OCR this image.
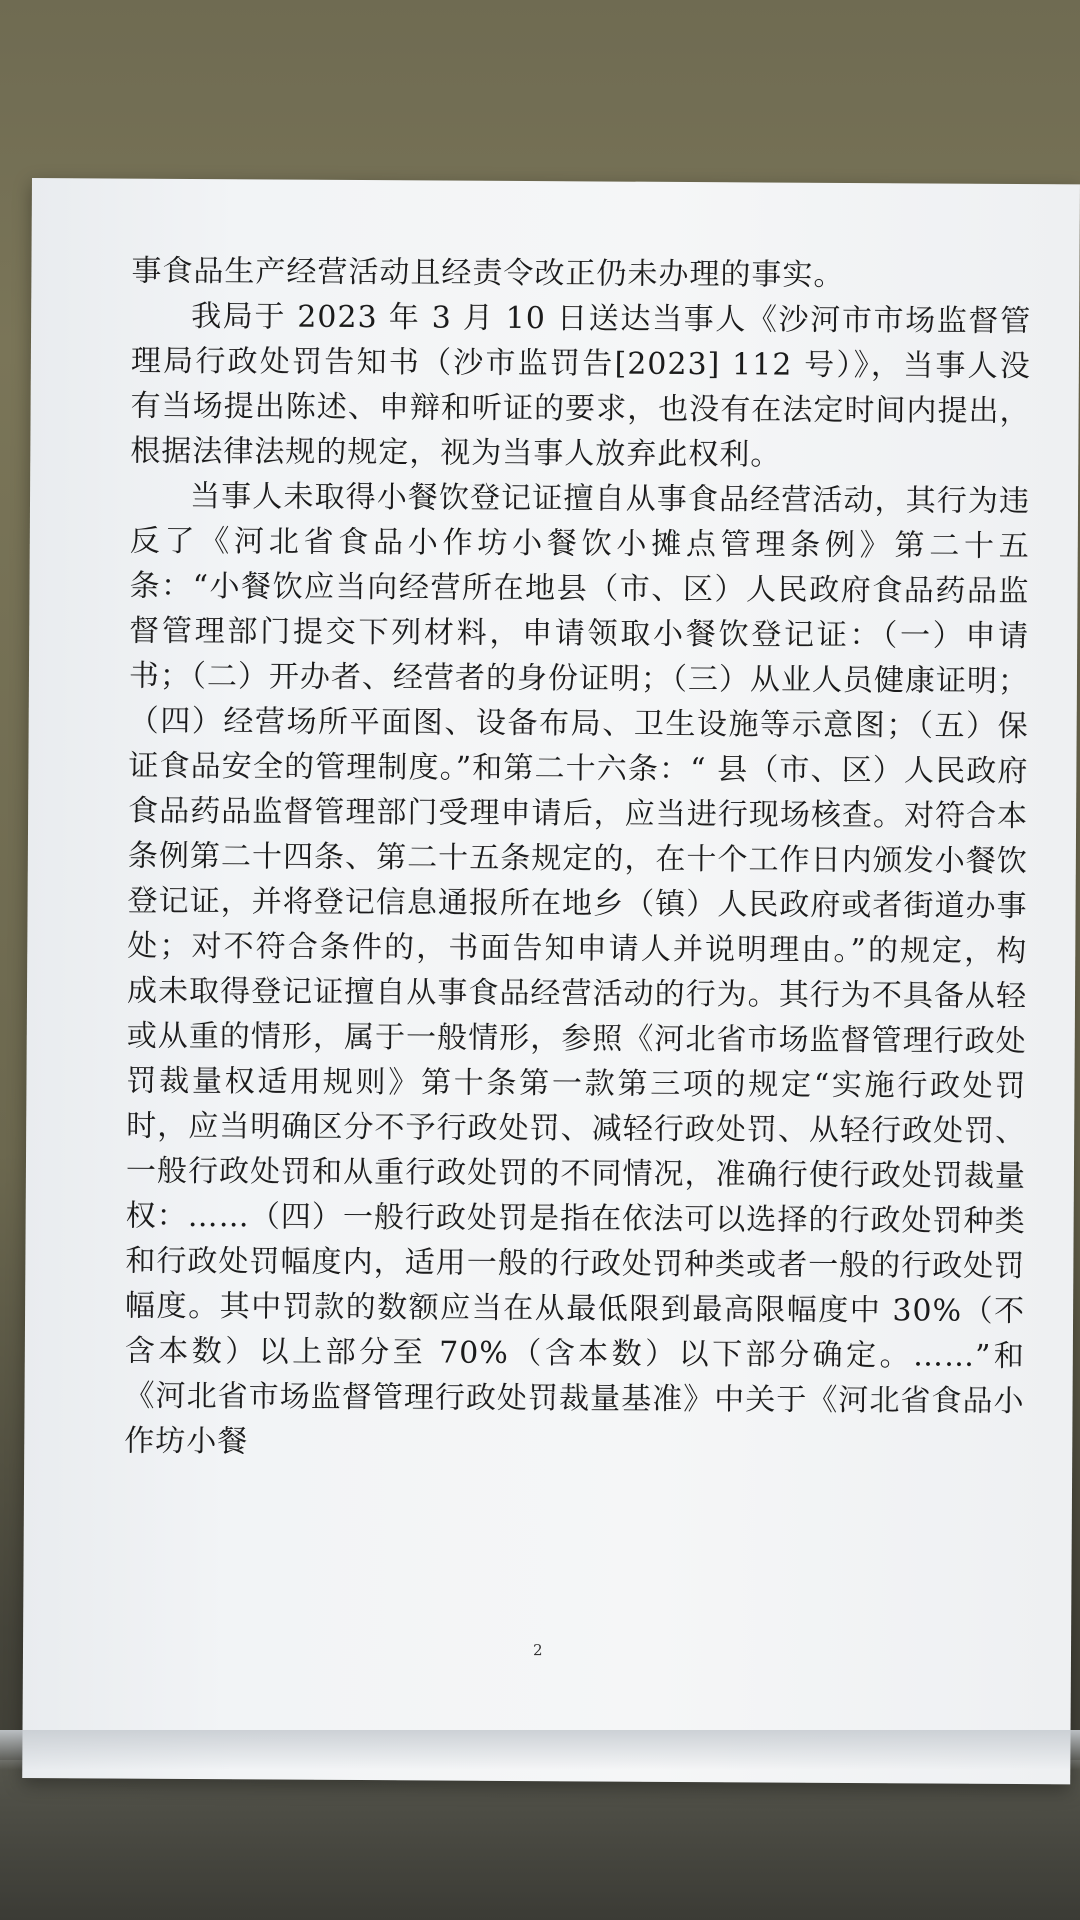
事食品生产经营活动且经责令改正仍未办理的事实。

我局于 2023 年 3 月 10 日送达当事人《沙河市市场监督管理局行政处罚告知书（沙市监罚告[2023] 112 号）》，当事人没有当场提出陈述、申辩和听证的要求，也没有在法定时间内提出，根据法律法规的规定，视为当事人放弃此权利。

当事人未取得小餐饮登记证擅自从事食品经营活动，其行为违反了《河北省食品小作坊小餐饮小摊点管理条例》第二十五条：“小餐饮应当向经营所在地县（市、区）人民政府食品药品监督管理部门提交下列材料，申请领取小餐饮登记证：（一）申请书；（二）开办者、经营者的身份证明；（三）从业人员健康证明；（四）经营场所平面图、设备布局、卫生设施等示意图；（五）保证食品安全的管理制度。”和第二十六条：“ 县（市、区）人民政府食品药品监督管理部门受理申请后，应当进行现场核查。对符合本条例第二十四条、第二十五条规定的，在十个工作日内颁发小餐饮登记证，并将登记信息通报所在地乡（镇）人民政府或者街道办事处；对不符合条件的，书面告知申请人并说明理由。”的规定，构成未取得登记证擅自从事食品经营活动的行为。其行为不具备从轻或从重的情形，属于一般情形，参照《河北省市场监督管理行政处罚裁量权适用规则》第十条第一款第三项的规定“实施行政处罚时，应当明确区分不予行政处罚、减轻行政处罚、从轻行政处罚、一般行政处罚和从重行政处罚的不同情况，准确行使行政处罚裁量权：……（四）一般行政处罚是指在依法可以选择的行政处罚种类和行政处罚幅度内，适用一般的行政处罚种类或者一般的行政处罚幅度。其中罚款的数额应当在从最低限到最高限幅度中 30%（不含本数）以上部分至 70%（含本数）以下部分确定。……”和《河北省市场监督管理行政处罚裁量基准》中关于《河北省食品小作坊小餐

2
